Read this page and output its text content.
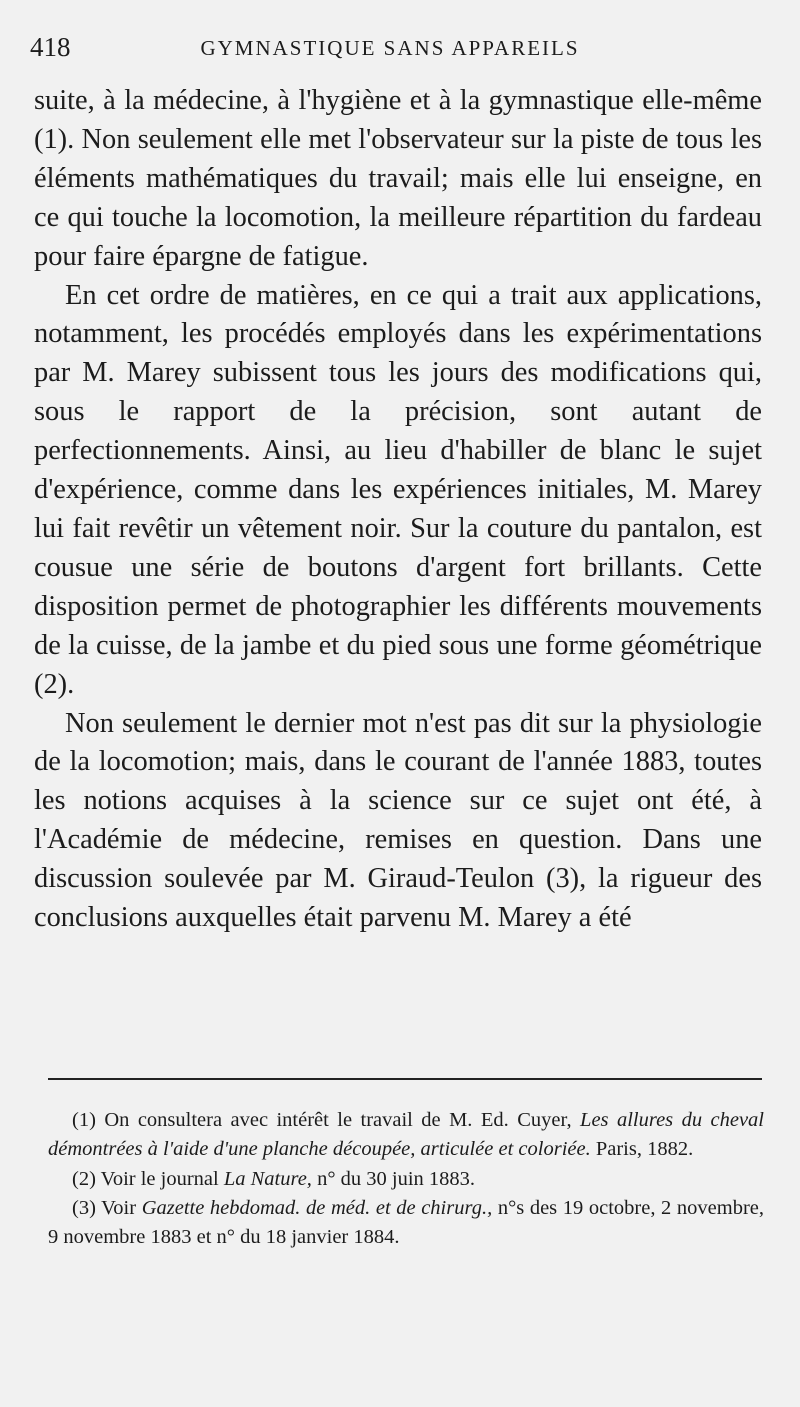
418	GYMNASTIQUE SANS APPAREILS

suite, à la médecine, à l'hygiène et à la gymnastique elle-même (1). Non seulement elle met l'observateur sur la piste de tous les éléments mathématiques du travail; mais elle lui enseigne, en ce qui touche la locomotion, la meilleure répartition du fardeau pour faire épargne de fatigue.

En cet ordre de matières, en ce qui a trait aux applications, notamment, les procédés employés dans les expérimentations par M. Marey subissent tous les jours des modifications qui, sous le rapport de la précision, sont autant de perfectionnements. Ainsi, au lieu d'habiller de blanc le sujet d'expérience, comme dans les expériences initiales, M. Marey lui fait revêtir un vêtement noir. Sur la couture du pantalon, est cousue une série de boutons d'argent fort brillants. Cette disposition permet de photographier les différents mouvements de la cuisse, de la jambe et du pied sous une forme géométrique (2).

Non seulement le dernier mot n'est pas dit sur la physiologie de la locomotion; mais, dans le courant de l'année 1883, toutes les notions acquises à la science sur ce sujet ont été, à l'Académie de médecine, remises en question. Dans une discussion soulevée par M. Giraud-Teulon (3), la rigueur des conclusions auxquelles était parvenu M. Marey a été

(1) On consultera avec intérêt le travail de M. Ed. Cuyer, Les allures du cheval démontrées à l'aide d'une planche découpée, articulée et coloriée. Paris, 1882.

(2) Voir le journal La Nature, n° du 30 juin 1883.

(3) Voir Gazette hebdomad. de méd. et de chirurg., n°s des 19 octobre, 2 novembre, 9 novembre 1883 et n° du 18 janvier 1884.
